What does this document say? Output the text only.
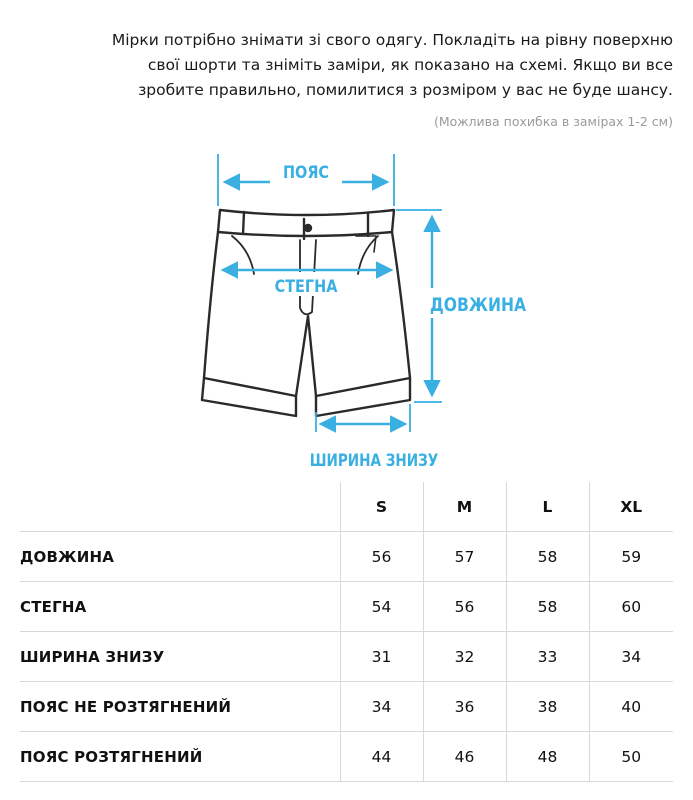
Мірки потрібно знімати зі свого одягу. Покладіть на рівну поверхню

свої шорти та зніміть заміри, як показано на схемі. Якщо ви все

зробите правильно, помилитися з розміром у вас не буде шансу.

(Можлива похибка в замірах 1-2 см)
ПОЯС
СТЕГНА
ДОВЖИНА
ШИРИНА ЗНИЗУ
	S	M	L	XL
ДОВЖИНА	56	57	58	59
СТЕГНА	54	56	58	60
ШИРИНА ЗНИЗУ	31	32	33	34
ПОЯС НЕ РОЗТЯГНЕНИЙ	34	36	38	40
ПОЯС РОЗТЯГНЕНИЙ	44	46	48	50
